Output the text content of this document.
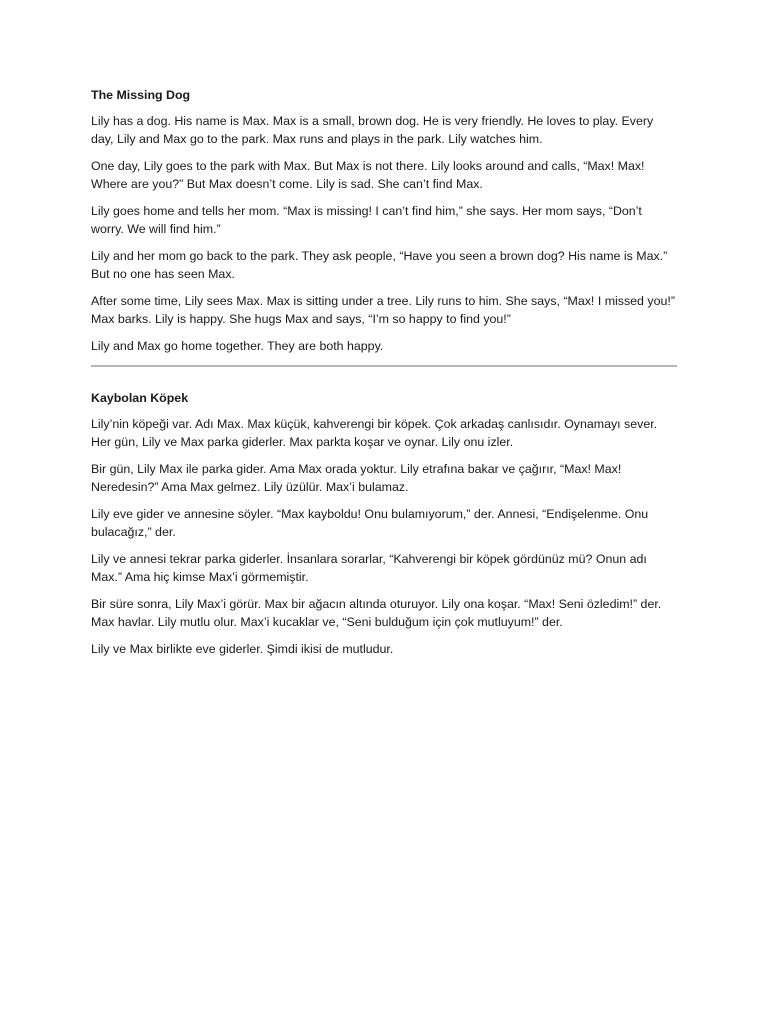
The Missing Dog

Lily has a dog. His name is Max. Max is a small, brown dog. He is very friendly. He loves to play. Every day, Lily and Max go to the park. Max runs and plays in the park. Lily watches him.

One day, Lily goes to the park with Max. But Max is not there. Lily looks around and calls, “Max! Max! Where are you?” But Max doesn’t come. Lily is sad. She can’t find Max.

Lily goes home and tells her mom. “Max is missing! I can’t find him,” she says. Her mom says, “Don’t worry. We will find him.”

Lily and her mom go back to the park. They ask people, “Have you seen a brown dog? His name is Max.” But no one has seen Max.

After some time, Lily sees Max. Max is sitting under a tree. Lily runs to him. She says, “Max! I missed you!” Max barks. Lily is happy. She hugs Max and says, “I’m so happy to find you!”

Lily and Max go home together. They are both happy.

Kaybolan Köpek

Lily’nin köpeği var. Adı Max. Max küçük, kahverengi bir köpek. Çok arkadaş canlısıdır. Oynamayı sever. Her gün, Lily ve Max parka giderler. Max parkta koşar ve oynar. Lily onu izler.

Bir gün, Lily Max ile parka gider. Ama Max orada yoktur. Lily etrafına bakar ve çağırır, “Max! Max! Neredesin?” Ama Max gelmez. Lily üzülür. Max’i bulamaz.

Lily eve gider ve annesine söyler. “Max kayboldu! Onu bulamıyorum,” der. Annesi, “Endişelenme. Onu bulacağız,” der.

Lily ve annesi tekrar parka giderler. İnsanlara sorarlar, “Kahverengi bir köpek gördünüz mü? Onun adı Max.” Ama hiç kimse Max’i görmemiştir.

Bir süre sonra, Lily Max’i görür. Max bir ağacın altında oturuyor. Lily ona koşar. “Max! Seni özledim!” der. Max havlar. Lily mutlu olur. Max’i kucaklar ve, “Seni bulduğum için çok mutluyum!” der.

Lily ve Max birlikte eve giderler. Şimdi ikisi de mutludur.
